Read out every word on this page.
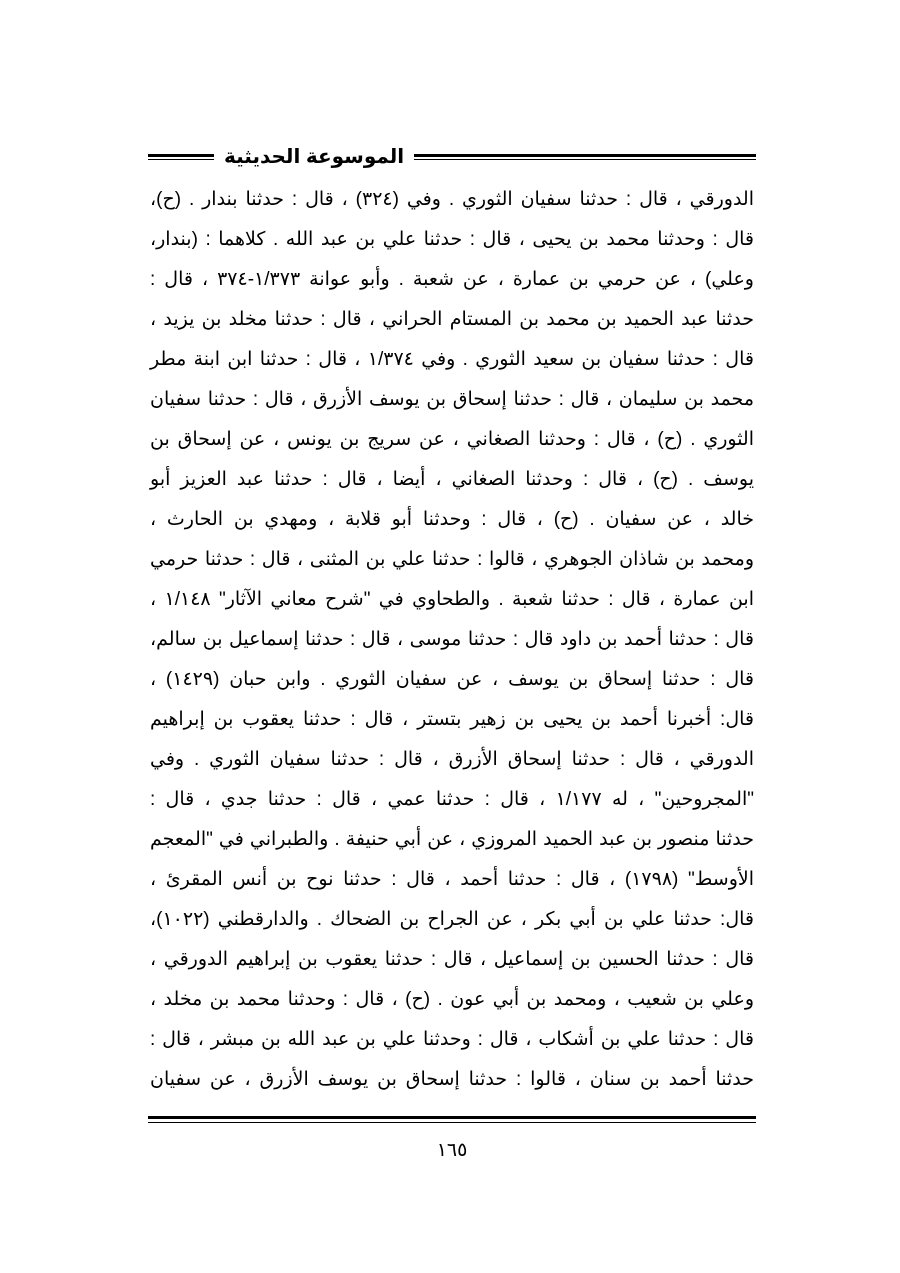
الموسوعة الحديثية
الدورقي ، قال : حدثنا سفيان الثوري . وفي (٣٢٤) ، قال : حدثنا بندار . (ح)،
قال : وحدثنا محمد بن يحيى ، قال : حدثنا علي بن عبد الله . كلاهما : (بندار،
وعلي) ، عن حرمي بن عمارة ، عن شعبة . وأبو عوانة ١/٣٧٣-٣٧٤ ، قال :
حدثنا عبد الحميد بن محمد بن المستام الحراني ، قال : حدثنا مخلد بن يزيد ،
قال : حدثنا سفيان بن سعيد الثوري . وفي ١/٣٧٤ ، قال : حدثنا ابن ابنة مطر
محمد بن سليمان ، قال : حدثنا إسحاق بن يوسف الأزرق ، قال : حدثنا سفيان
الثوري . (ح) ، قال : وحدثنا الصغاني ، عن سريج بن يونس ، عن إسحاق بن
يوسف . (ح) ، قال : وحدثنا الصغاني ، أيضا ، قال : حدثنا عبد العزيز أبو
خالد ، عن سفيان . (ح) ، قال : وحدثنا أبو قلابة ، ومهدي بن الحارث ،
ومحمد بن شاذان الجوهري ، قالوا : حدثنا علي بن المثنى ، قال : حدثنا حرمي
ابن عمارة ، قال : حدثنا شعبة . والطحاوي في "شرح معاني الآثار" ١/١٤٨ ،
قال : حدثنا أحمد بن داود قال : حدثنا موسى ، قال : حدثنا إسماعيل بن سالم،
قال : حدثنا إسحاق بن يوسف ، عن سفيان الثوري . وابن حبان (١٤٢٩) ،
قال: أخبرنا أحمد بن يحيى بن زهير بتستر ، قال : حدثنا يعقوب بن إبراهيم
الدورقي ، قال : حدثنا إسحاق الأزرق ، قال : حدثنا سفيان الثوري . وفي
"المجروحين" ، له ١/١٧٧ ، قال : حدثنا عمي ، قال : حدثنا جدي ، قال :
حدثنا منصور بن عبد الحميد المروزي ، عن أبي حنيفة . والطبراني في "المعجم
الأوسط" (١٧٩٨) ، قال : حدثنا أحمد ، قال : حدثنا نوح بن أنس المقرئ ،
قال: حدثنا علي بن أبي بكر ، عن الجراح بن الضحاك . والدارقطني (١٠٢٢)،
قال : حدثنا الحسين بن إسماعيل ، قال : حدثنا يعقوب بن إبراهيم الدورقي ،
وعلي بن شعيب ، ومحمد بن أبي عون . (ح) ، قال : وحدثنا محمد بن مخلد ،
قال : حدثنا علي بن أشكاب ، قال : وحدثنا علي بن عبد الله بن مبشر ، قال :
حدثنا أحمد بن سنان ، قالوا : حدثنا إسحاق بن يوسف الأزرق ، عن سفيان
١٦٥
